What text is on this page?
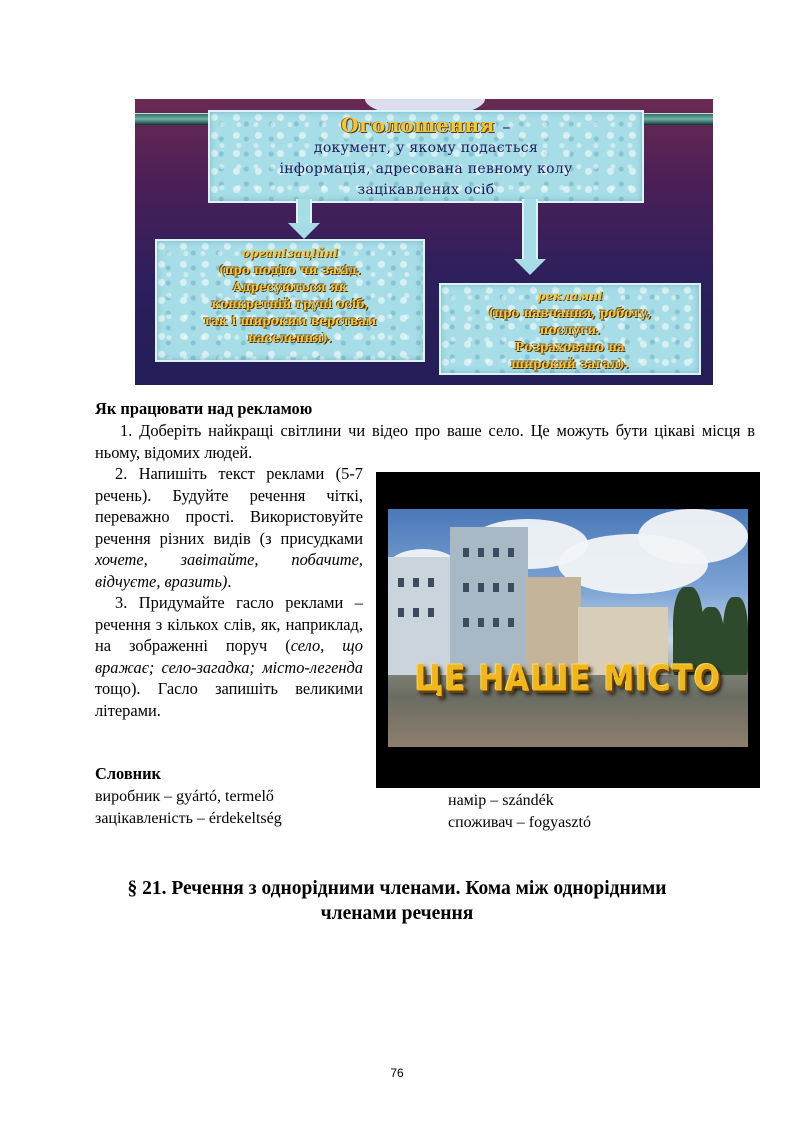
Оголошення –
документ, у якому подається
інформація, адресована певному колу
зацікавлених осіб
організаційні
(про подію чи захід.
Адресуються як
конкретній групі осіб,
так і широким верствам
населення).
рекламні
(про навчання, роботу,
послуги.
Розраховано на
широкий загал).
Як працювати над рекламою
1. Доберіть найкращі світлини чи відео про ваше село. Це можуть бути цікаві місця в ньому, відомих людей.

2. Напишіть текст реклами (5-7 речень). Будуйте речення чіткі, переважно прості. Використовуйте речення різних видів (з присудками хочете, завітайте, побачите, відчуєте, вразить).

3. Придумайте гасло реклами – речення з кількох слів, як, наприклад, на зображенні поруч (село, що вражає; село-загадка; місто-легенда тощо). Гасло запишіть великими літерами.

ЦЕ НАШЕ МІСТО
Словник
виробник – gyártó, termelő
зацікавленість – érdekeltség
намір – szándék
споживач – fogyasztó
§ 21. Речення з однорідними членами. Кома між однорідними членами речення
76
